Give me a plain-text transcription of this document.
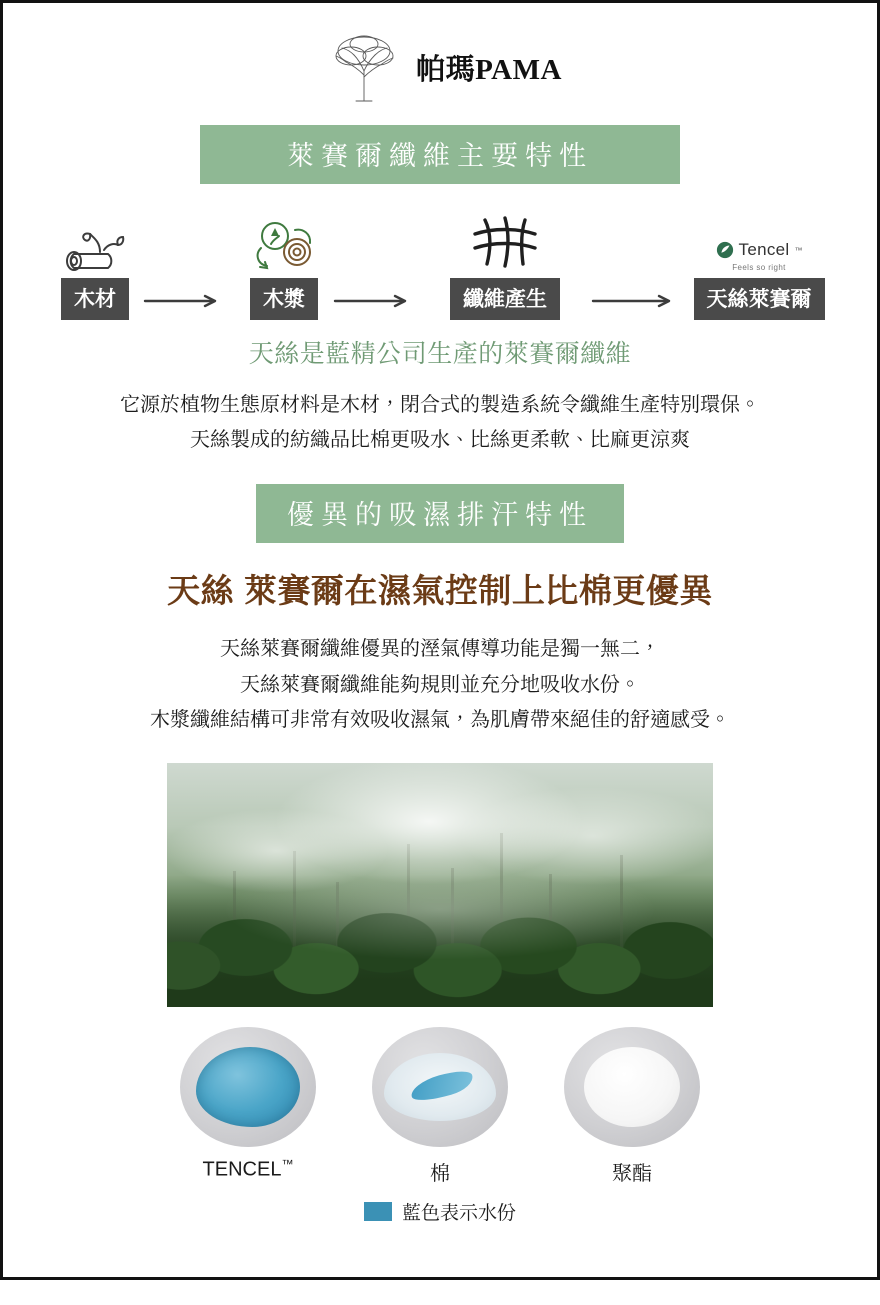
帕瑪PAMA
萊賽爾纖維主要特性
木材	木漿	纖維產生
Tencel ™
Feels so right
天絲萊賽爾
天絲是藍精公司生產的萊賽爾纖維
它源於植物生態原材料是木材，閉合式的製造系統令纖維生產特別環保。
天絲製成的紡織品比棉更吸水、比絲更柔軟、比麻更涼爽
優異的吸濕排汗特性
天絲 萊賽爾在濕氣控制上比棉更優異
天絲萊賽爾纖維優異的溼氣傳導功能是獨一無二，
天絲萊賽爾纖維能夠規則並充分地吸收水份。
木漿纖維結構可非常有效吸收濕氣，為肌膚帶來絕佳的舒適感受。
TENCEL™	棉	聚酯
藍色表示水份
